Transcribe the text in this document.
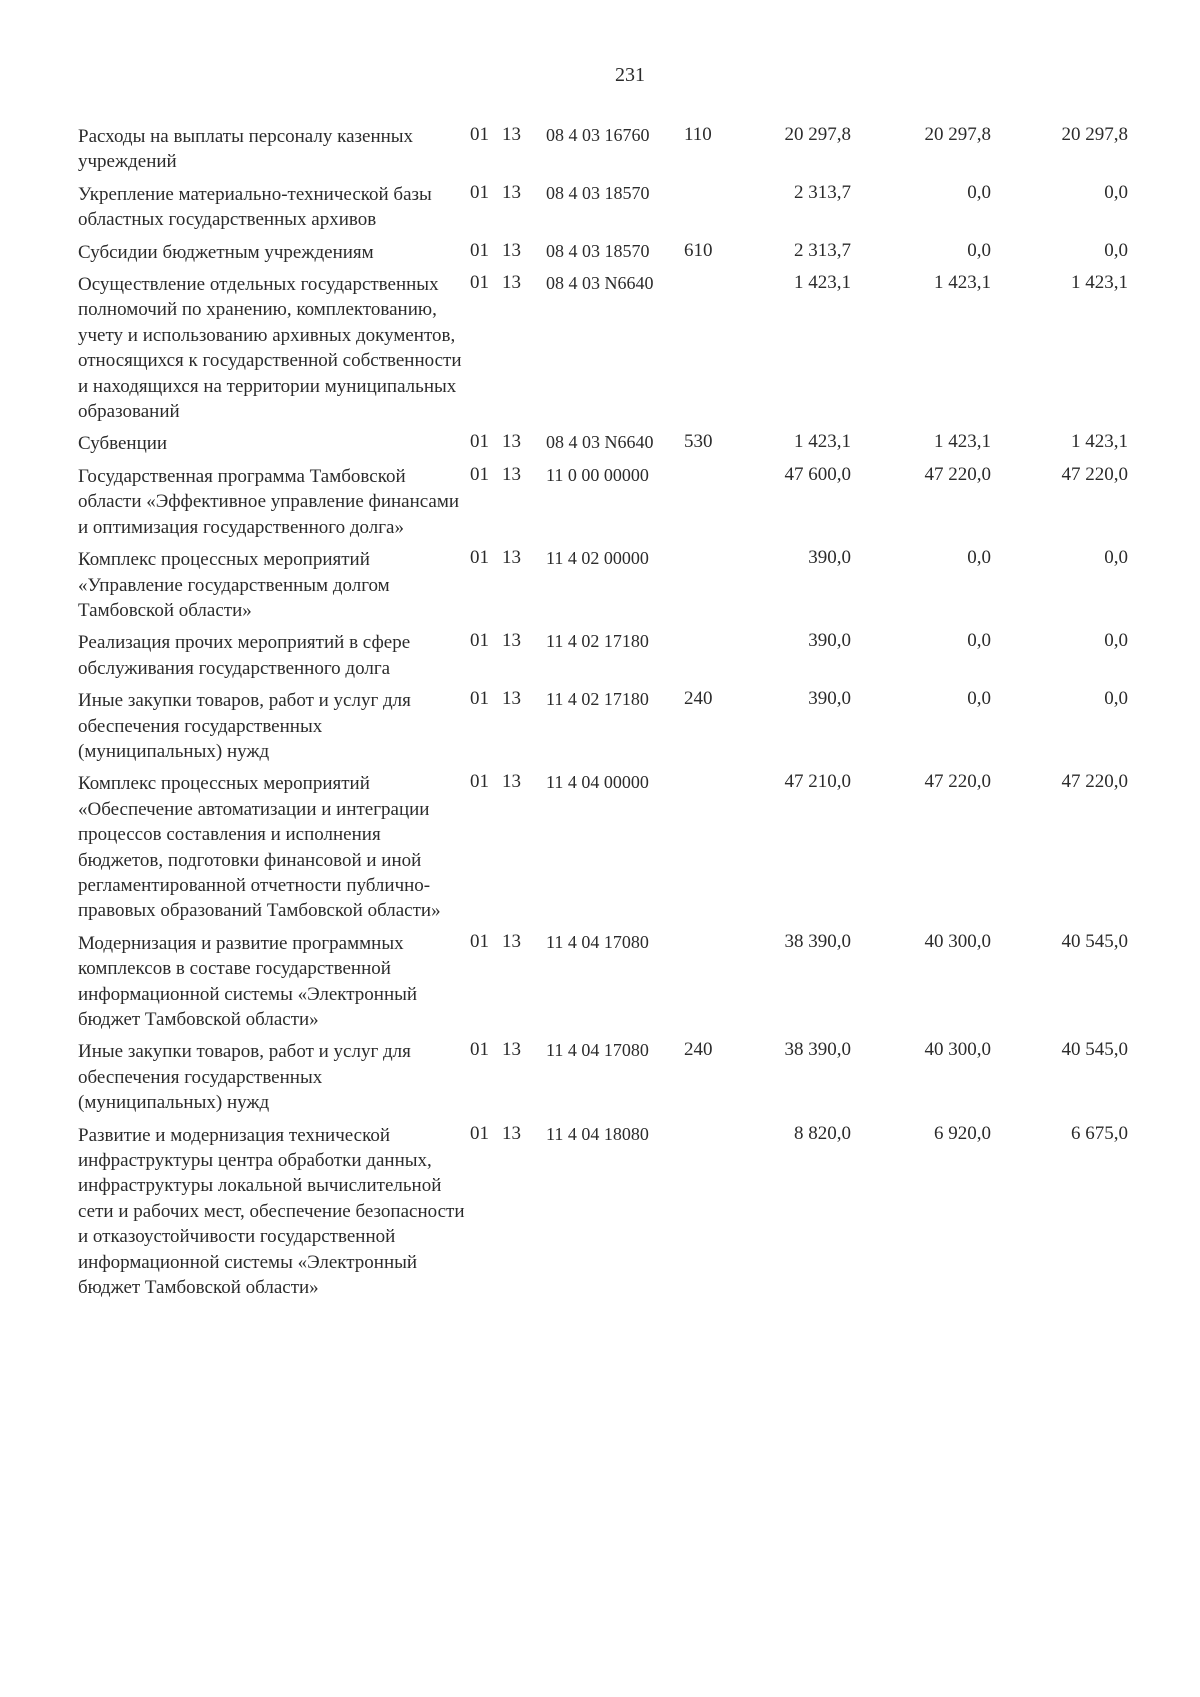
231
Расходы на выплаты персоналу казенных учреждений	01	13	08 4 03 16760	110	20 297,8	20 297,8	20 297,8
Укрепление материально-технической базы областных государственных архивов	01	13	08 4 03 18570		2 313,7	0,0	0,0
Субсидии бюджетным учреждениям	01	13	08 4 03 18570	610	2 313,7	0,0	0,0
Осуществление отдельных государственных полномочий по хранению, комплектованию, учету и использованию архивных документов, относящихся к государственной собственности и находящихся на территории муниципальных образований	01	13	08 4 03 N6640		1 423,1	1 423,1	1 423,1
Субвенции	01	13	08 4 03 N6640	530	1 423,1	1 423,1	1 423,1
Государственная программа Тамбовской области «Эффективное управление финансами и оптимизация государственного долга»	01	13	11 0 00 00000		47 600,0	47 220,0	47 220,0
Комплекс процессных мероприятий «Управление государственным долгом Тамбовской области»	01	13	11 4 02 00000		390,0	0,0	0,0
Реализация прочих мероприятий в сфере обслуживания государственного долга	01	13	11 4 02 17180		390,0	0,0	0,0
Иные закупки товаров, работ и услуг для обеспечения государственных (муниципальных) нужд	01	13	11 4 02 17180	240	390,0	0,0	0,0
Комплекс процессных мероприятий «Обеспечение автоматизации и интеграции процессов составления и исполнения бюджетов, подготовки финансовой и иной регламентированной отчетности публично-правовых образований Тамбовской области»	01	13	11 4 04 00000		47 210,0	47 220,0	47 220,0
Модернизация и развитие программных комплексов в составе государственной информационной системы «Электронный бюджет Тамбовской области»	01	13	11 4 04 17080		38 390,0	40 300,0	40 545,0
Иные закупки товаров, работ и услуг для обеспечения государственных (муниципальных) нужд	01	13	11 4 04 17080	240	38 390,0	40 300,0	40 545,0
Развитие и модернизация технической инфраструктуры центра обработки данных, инфраструктуры локальной вычислительной сети и рабочих мест, обеспечение безопасности и отказоустойчивости государственной информационной системы «Электронный бюджет Тамбовской области»	01	13	11 4 04 18080		8 820,0	6 920,0	6 675,0
